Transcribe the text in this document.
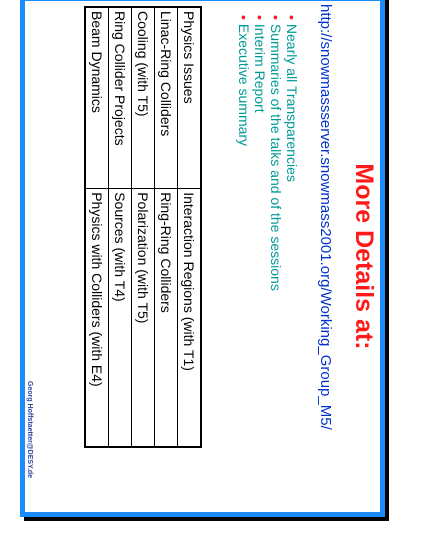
More Details at:
http://snowmassserver.snowmass2001.org/Working_Group_M5/
•Nearly all Transparencies
•Summaries of the talks and of the sessions
•Interim Report
•Executive summary
Physics Issues	Interaction Regions (with T1)
Linac-Ring Colliders	Ring-Ring Colliders
Cooling (with T5)	Polarization (with T5)
Ring Collider Projects	Sources (with T4)
Beam Dynamics	Physics with Colliders (with E4)
Georg Hoffstaetter@DESY.de
